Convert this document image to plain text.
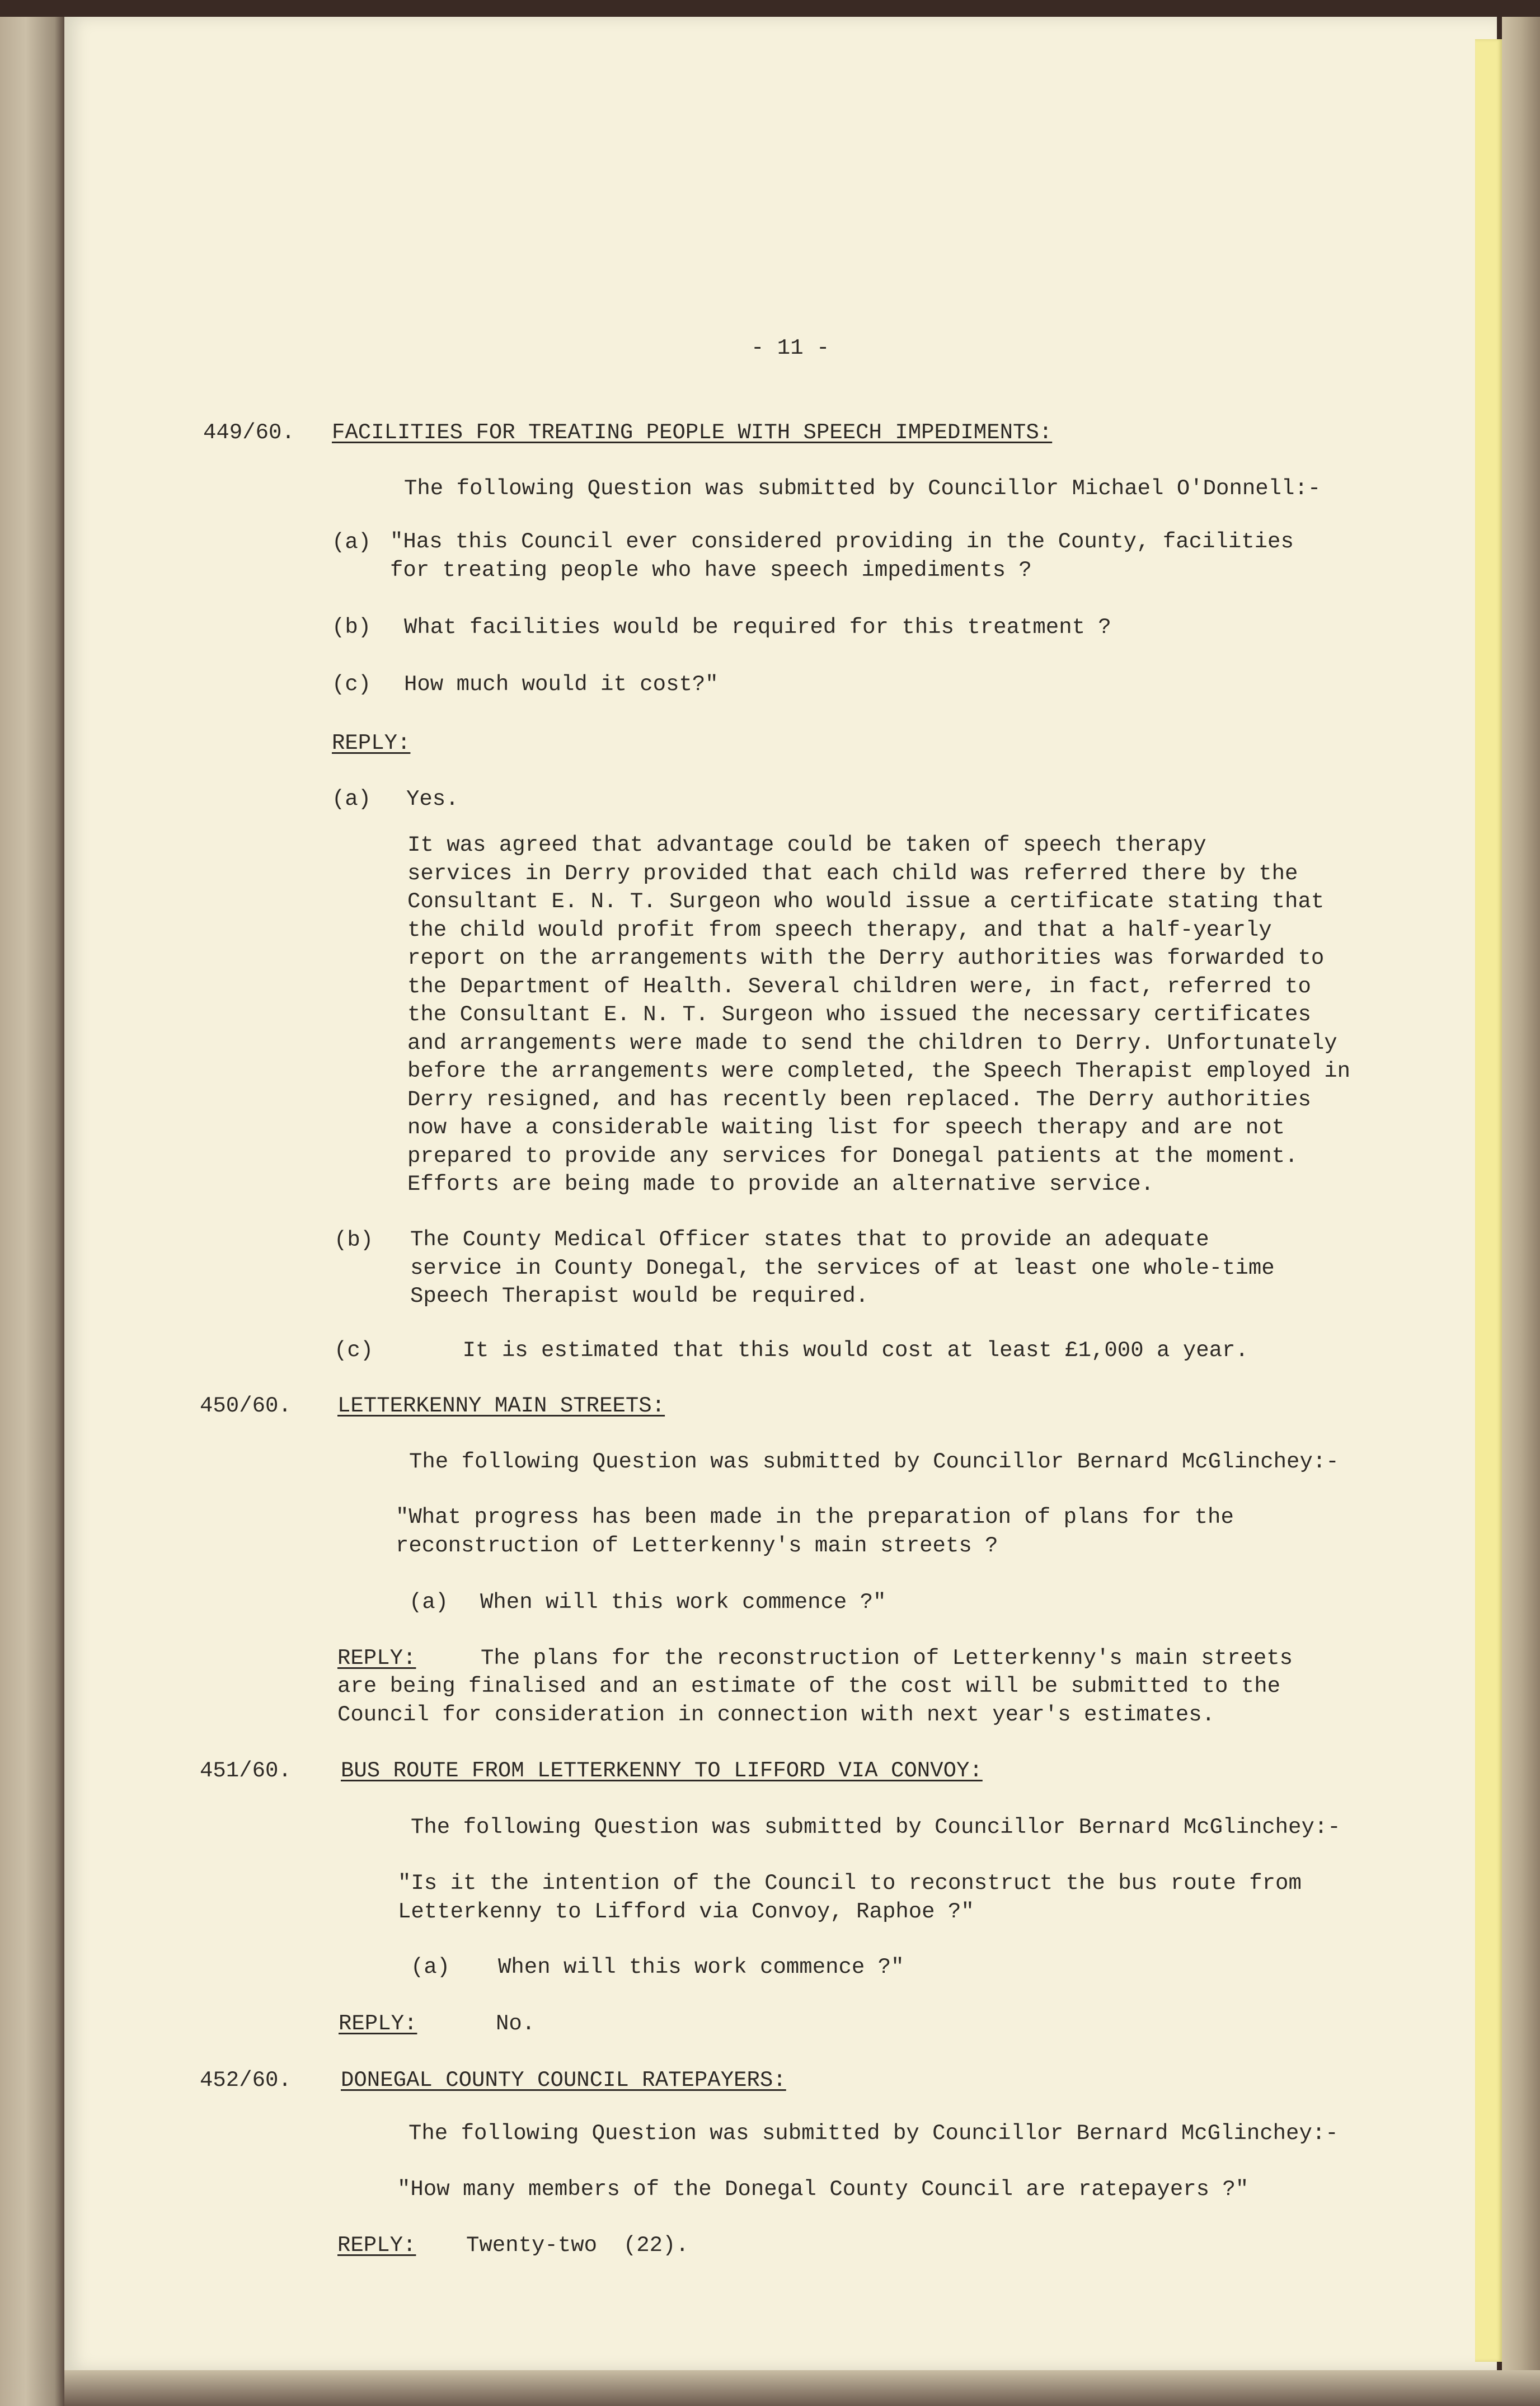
- 11 -
449/60. FACILITIES FOR TREATING PEOPLE WITH SPEECH IMPEDIMENTS:
The following Question was submitted by Councillor Michael O'Donnell:-
(a) "Has this Council ever considered providing in the County, facilities
for treating people who have speech impediments ?
(b) What facilities would be required for this treatment ?
(c) How much would it cost?"
REPLY:
(a) Yes.
It was agreed that advantage could be taken of speech therapy
services in Derry provided that each child was referred there by the
Consultant E. N. T. Surgeon who would issue a certificate stating that
the child would profit from speech therapy, and that a half-yearly
report on the arrangements with the Derry authorities was forwarded to
the Department of Health. Several children were, in fact, referred to
the Consultant E. N. T. Surgeon who issued the necessary certificates
and arrangements were made to send the children to Derry. Unfortunately
before the arrangements were completed, the Speech Therapist employed in
Derry resigned, and has recently been replaced. The Derry authorities
now have a considerable waiting list for speech therapy and are not
prepared to provide any services for Donegal patients at the moment.
Efforts are being made to provide an alternative service.
(b) The County Medical Officer states that to provide an adequate
service in County Donegal, the services of at least one whole-time
Speech Therapist would be required.
(c) It is estimated that this would cost at least £1,000 a year.
450/60. LETTERKENNY MAIN STREETS:
The following Question was submitted by Councillor Bernard McGlinchey:-
"What progress has been made in the preparation of plans for the
reconstruction of Letterkenny's main streets ?
(a) When will this work commence ?"
REPLY:	The plans for the reconstruction of Letterkenny's main streets
are being finalised and an estimate of the cost will be submitted to the
Council for consideration in connection with next year's estimates.
451/60. BUS ROUTE FROM LETTERKENNY TO LIFFORD VIA CONVOY:
The following Question was submitted by Councillor Bernard McGlinchey:-
"Is it the intention of the Council to reconstruct the bus route from
Letterkenny to Lifford via Convoy, Raphoe ?"
(a) When will this work commence ?"
REPLY:	No.
452/60. DONEGAL COUNTY COUNCIL RATEPAYERS:
The following Question was submitted by Councillor Bernard McGlinchey:-
"How many members of the Donegal County Council are ratepayers ?"
REPLY: Twenty-two  (22).
